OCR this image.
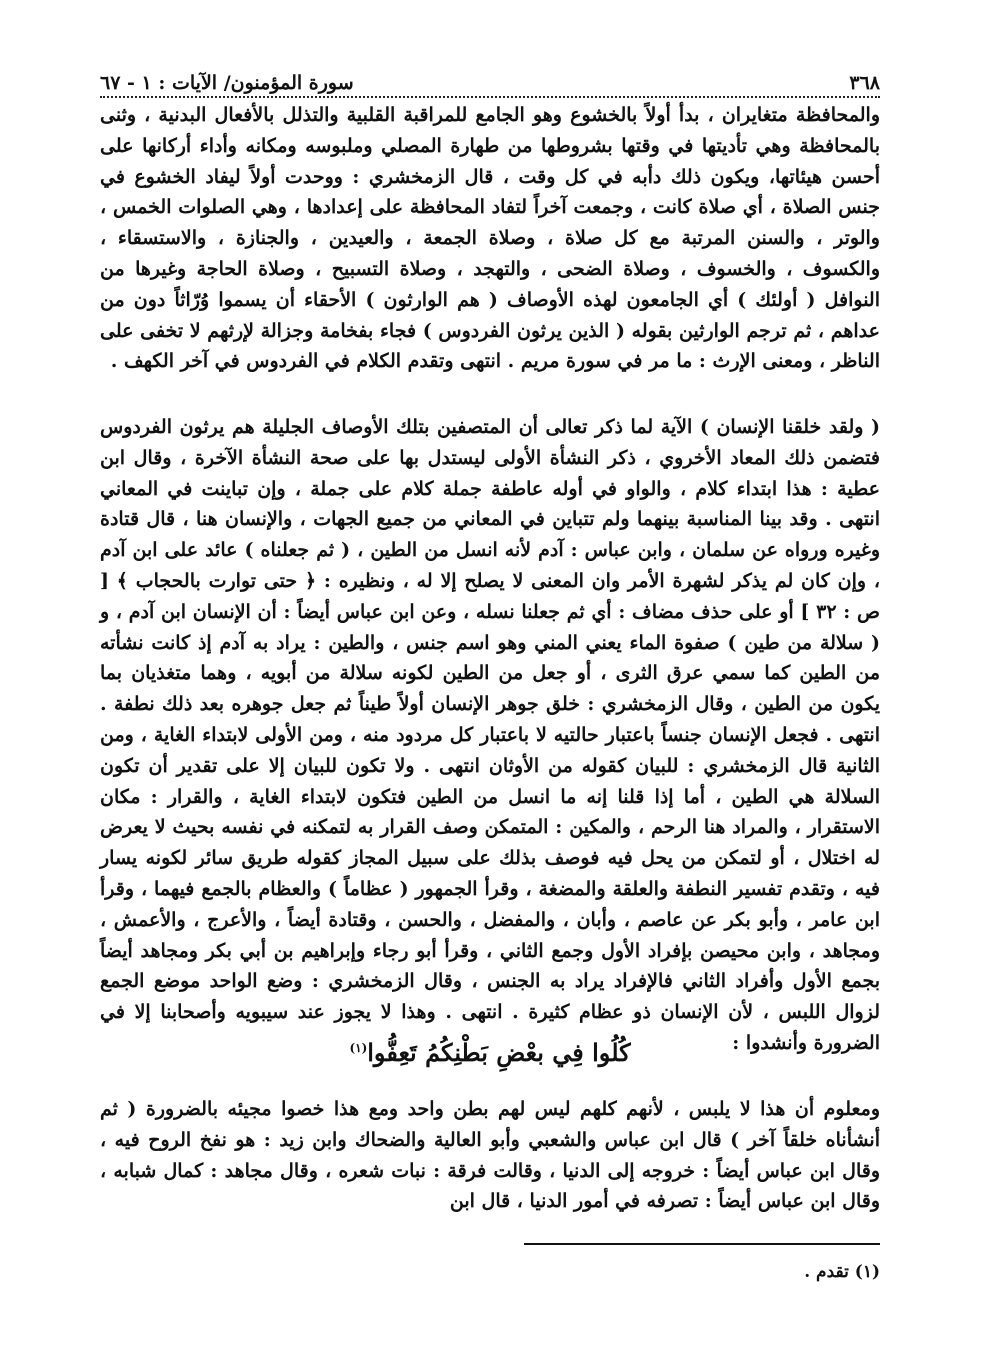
٣٦٨
سورة المؤمنون/ الآيات : ١ - ٦٧

والمحافظة متغايران ، بدأ أولاً بالخشوع وهو الجامع للمراقبة القلبية والتذلل بالأفعال البدنية ، وثنى بالمحافظة وهي تأديتها في وقتها بشروطها من طهارة المصلي وملبوسه ومكانه وأداء أركانها على أحسن هيئاتها، ويكون ذلك دأبه في كل وقت ، قال الزمخشري : ووحدت أولاً ليفاد الخشوع في جنس الصلاة ، أي صلاة كانت ، وجمعت آخراً لتفاد المحافظة على إعدادها ، وهي الصلوات الخمس ، والوتر ، والسنن المرتبة مع كل صلاة ، وصلاة الجمعة ، والعيدين ، والجنازة ، والاستسقاء ، والكسوف ، والخسوف ، وصلاة الضحى ، والتهجد ، وصلاة التسبيح ، وصلاة الحاجة وغيرها من النوافل ( أولئك ) أي الجامعون لهذه الأوصاف ( هم الوارثون ) الأحقاء أن يسموا وُرّاثاً دون من عداهم ، ثم ترجم الوارثين بقوله ( الذين يرثون الفردوس ) فجاء بفخامة وجزالة لإرثهم لا تخفى على الناظر ، ومعنى الإرث : ما مر في سورة مريم . انتهى وتقدم الكلام في الفردوس في آخر الكهف .

( ولقد خلقنا الإنسان ) الآية لما ذكر تعالى أن المتصفين بتلك الأوصاف الجليلة هم يرثون الفردوس فتضمن ذلك المعاد الأخروي ، ذكر النشأة الأولى ليستدل بها على صحة النشأة الآخرة ، وقال ابن عطية : هذا ابتداء كلام ، والواو في أوله عاطفة جملة كلام على جملة ، وإن تباينت في المعاني انتهى . وقد بينا المناسبة بينهما ولم تتباين في المعاني من جميع الجهات ، والإنسان هنا ، قال قتادة وغيره ورواه عن سلمان ، وابن عباس : آدم لأنه انسل من الطين ، ( ثم جعلناه ) عائد على ابن آدم ، وإن كان لم يذكر لشهرة الأمر وان المعنى لا يصلح إلا له ، ونظيره : ﴿ حتى توارت بالحجاب ﴾ [ ص : ٣٢ ] أو على حذف مضاف : أي ثم جعلنا نسله ، وعن ابن عباس أيضاً : أن الإنسان ابن آدم ، و ( سلالة من طين ) صفوة الماء يعني المني وهو اسم جنس ، والطين : يراد به آدم إذ كانت نشأته من الطين كما سمي عرق الثرى ، أو جعل من الطين لكونه سلالة من أبويه ، وهما متغذيان بما يكون من الطين ، وقال الزمخشري : خلق جوهر الإنسان أولاً طيناً ثم جعل جوهره بعد ذلك نطفة . انتهى . فجعل الإنسان جنساً باعتبار حالتيه لا باعتبار كل مردود منه ، ومن الأولى لابتداء الغاية ، ومن الثانية قال الزمخشري : للبيان كقوله من الأوثان انتهى . ولا تكون للبيان إلا على تقدير أن تكون السلالة هي الطين ، أما إذا قلنا إنه ما انسل من الطين فتكون لابتداء الغاية ، والقرار : مكان الاستقرار ، والمراد هنا الرحم ، والمكين : المتمكن وصف القرار به لتمكنه في نفسه بحيث لا يعرض له اختلال ، أو لتمكن من يحل فيه فوصف بذلك على سبيل المجاز كقوله طريق سائر لكونه يسار فيه ، وتقدم تفسير النطفة والعلقة والمضغة ، وقرأ الجمهور ( عظاماً ) والعظام بالجمع فيهما ، وقرأ ابن عامر ، وأبو بكر عن عاصم ، وأبان ، والمفضل ، والحسن ، وقتادة أيضاً ، والأعرج ، والأعمش ، ومجاهد ، وابن محيصن بإفراد الأول وجمع الثاني ، وقرأ أبو رجاء وإبراهيم بن أبي بكر ومجاهد أيضاً بجمع الأول وأفراد الثاني فالإفراد يراد به الجنس ، وقال الزمخشري : وضع الواحد موضع الجمع لزوال اللبس ، لأن الإنسان ذو عظام كثيرة . انتهى . وهذا لا يجوز عند سيبويه وأصحابنا إلا في الضرورة وأنشدوا :

كُلُوا فِي بعْضِ بَطْنِكُمُ تَعِفُّوا$^{(١)}$

ومعلوم أن هذا لا يلبس ، لأنهم كلهم ليس لهم بطن واحد ومع هذا خصوا مجيئه بالضرورة ( ثم أنشأناه خلقاً آخر ) قال ابن عباس والشعبي وأبو العالية والضحاك وابن زيد : هو نفخ الروح فيه ، وقال ابن عباس أيضاً : خروجه إلى الدنيا ، وقالت فرقة : نبات شعره ، وقال مجاهد : كمال شبابه ، وقال ابن عباس أيضاً : تصرفه في أمور الدنيا ، قال ابن

(١) تقدم .
